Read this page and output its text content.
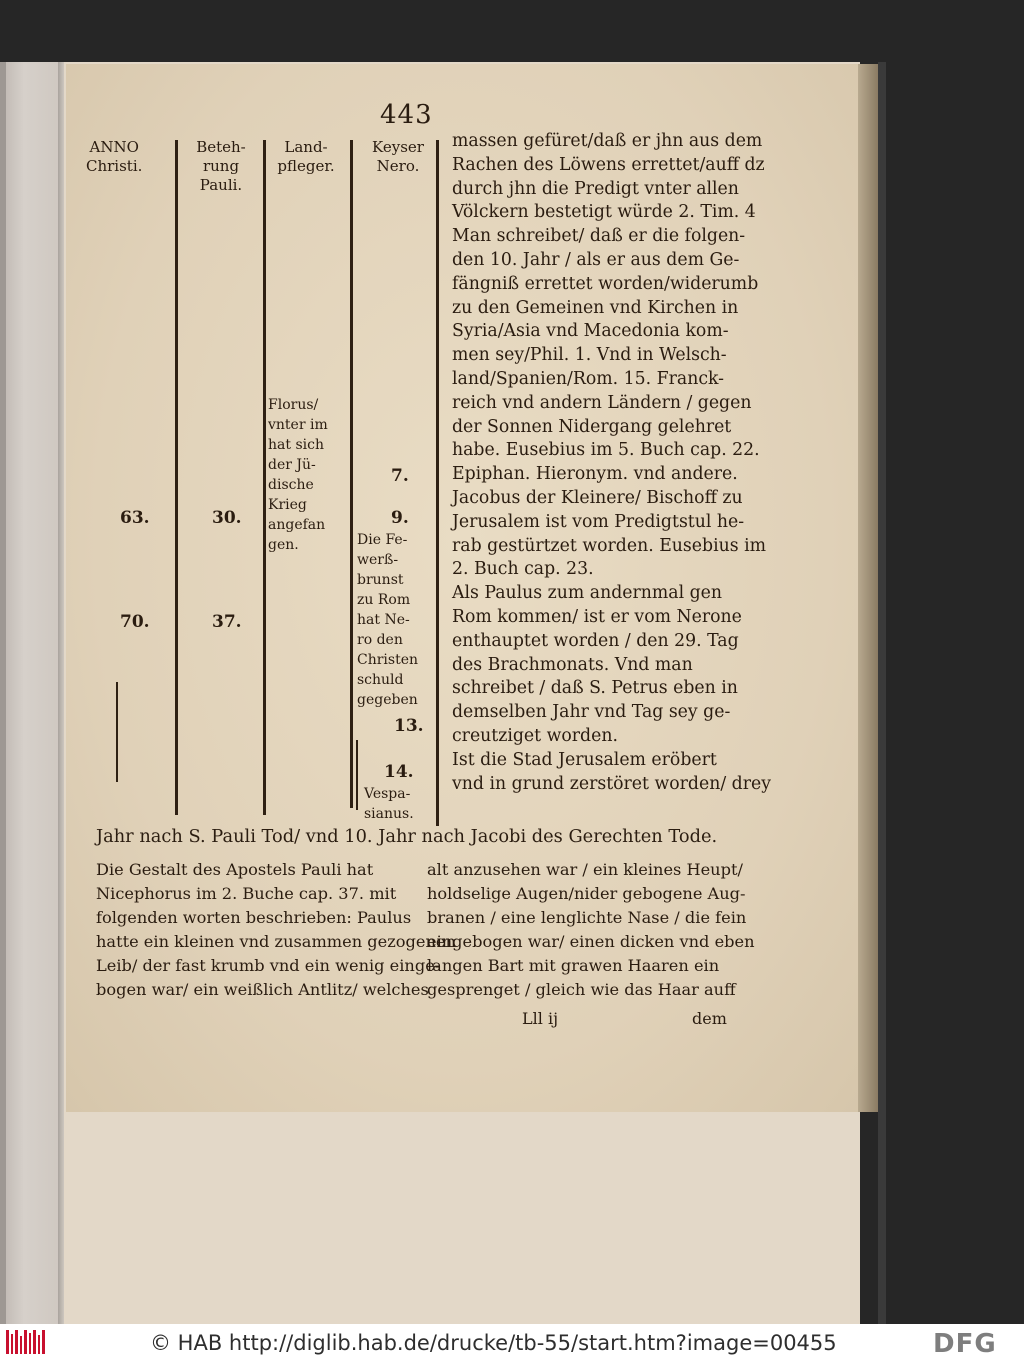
443
ANNO
Christi.
Beteh-
rung
Pauli.
Land-
pfleger.
Keyser
Nero.
Florus/
vnter im
hat sich
der Jü-
dische
Krieg
angefan
gen.
7.
9.
Die Fe-
werß-
brunst
zu Rom
hat Ne-
ro den
Christen
schuld
gegeben
13.
14.
Vespa-
sianus.
63.
70.
30.
37.
massen gefüret/daß er jhn aus dem
Rachen des Löwens errettet/auff dz
durch jhn die Predigt vnter allen
Völckern bestetigt würde 2. Tim. 4
Man schreibet/ daß er die folgen-
den 10. Jahr / als er aus dem Ge-
fängniß errettet worden/widerumb
zu den Gemeinen vnd Kirchen in
Syria/Asia vnd Macedonia kom-
men sey/Phil. 1. Vnd in Welsch-
land/Spanien/Rom. 15. Franck-
reich vnd andern Ländern / gegen
der Sonnen Nidergang gelehret
habe. Eusebius im 5. Buch cap. 22.
Epiphan. Hieronym. vnd andere.
Jacobus der Kleinere/ Bischoff zu
Jerusalem ist vom Predigtstul he-
rab gestürtzet worden. Eusebius im
2. Buch cap. 23.
Als Paulus zum andernmal gen
Rom kommen/ ist er vom Nerone
enthauptet worden / den 29. Tag
des Brachmonats. Vnd man
schreibet / daß S. Petrus eben in
demselben Jahr vnd Tag sey ge-
creutziget worden.
Ist die Stad Jerusalem eröbert
vnd in grund zerstöret worden/ drey
Jahr nach S. Pauli Tod/ vnd 10. Jahr nach Jacobi des Gerechten Tode.
Die Gestalt des Apostels Pauli hat
Nicephorus im 2. Buche cap. 37. mit
folgenden worten beschrieben: Paulus
hatte ein kleinen vnd zusammen gezogenen
Leib/ der fast krumb vnd ein wenig einge-
bogen war/ ein weißlich Antlitz/ welches
alt anzusehen war / ein kleines Heupt/
holdselige Augen/nider gebogene Aug-
branen / eine lenglichte Nase / die fein
eingebogen war/ einen dicken vnd eben
langen Bart mit grawen Haaren ein
gesprenget / gleich wie das Haar auff
Lll ij	dem
© HAB http://diglib.hab.de/drucke/tb-55/start.htm?image=00455	DFG
